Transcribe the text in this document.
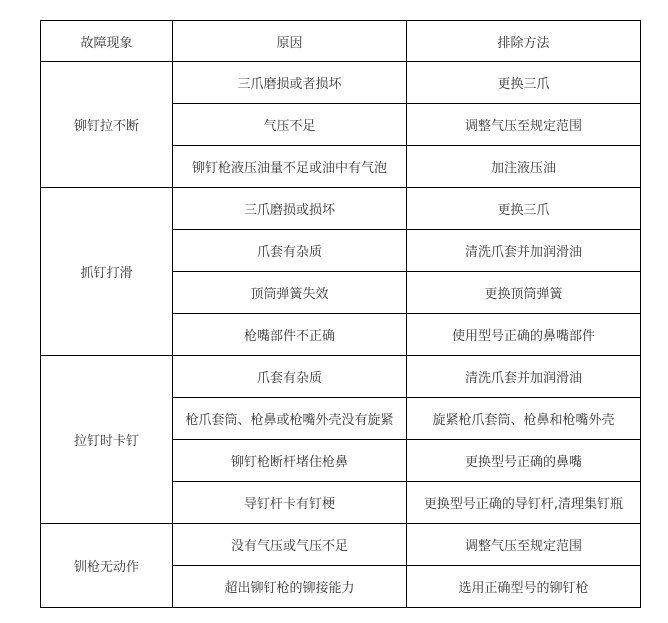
故障现象	原因	排除方法
铆钉拉不断	三爪磨损或者损坏	更换三爪
	气压不足	调整气压至规定范围
	铆钉枪液压油量不足或油中有气泡	加注液压油
抓钉打滑	三爪磨损或损坏	更换三爪
	爪套有杂质	清洗爪套并加润滑油
	顶筒弹簧失效	更换顶筒弹簧
	枪嘴部件不正确	使用型号正确的鼻嘴部件
拉钉时卡钉	爪套有杂质	清洗爪套并加润滑油
	枪爪套筒、枪鼻或枪嘴外壳没有旋紧	旋紧枪爪套筒、枪鼻和枪嘴外壳
	铆钉枪断杆堵住枪鼻	更换型号正确的鼻嘴
	导钉杆卡有钉梗	更换型号正确的导钉杆,清理集钉瓶
钏枪无动作	没有气压或气压不足	调整气压至规定范围
	超出铆钉枪的铆接能力	选用正确型号的铆钉枪
